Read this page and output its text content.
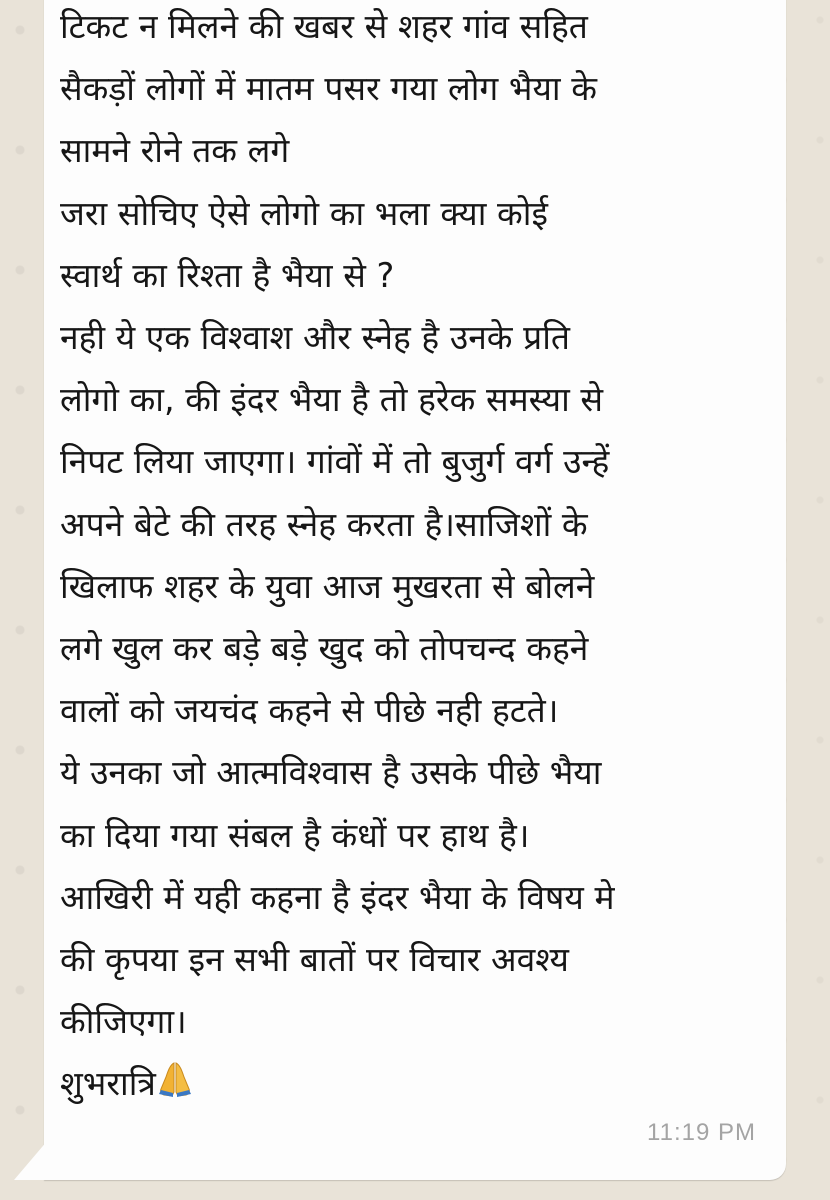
टिकट न मिलने की खबर से शहर गांव सहित
सैकड़ों लोगों में मातम पसर गया लोग भैया के
सामने रोने तक लगे
जरा सोचिए ऐसे लोगो का भला क्या कोई
स्वार्थ का रिश्ता है भैया से ?
नही ये एक विश्वाश और स्नेह है उनके प्रति
लोगो का, की इंदर भैया है तो हरेक समस्या से
निपट लिया जाएगा। गांवों में तो बुजुर्ग वर्ग उन्हें
अपने बेटे की तरह स्नेह करता है।साजिशों के
खिलाफ शहर के युवा आज मुखरता से बोलने
लगे खुल कर बड़े बड़े खुद को तोपचन्द कहने
वालों को जयचंद कहने से पीछे नही हटते।
ये उनका जो आत्मविश्वास है उसके पीछे भैया
का दिया गया संबल है कंधों पर हाथ है।
आखिरी में यही कहना है इंदर भैया के विषय मे
की कृपया इन सभी बातों पर विचार अवश्य
कीजिएगा।
शुभरात्रि
11:19 PM
